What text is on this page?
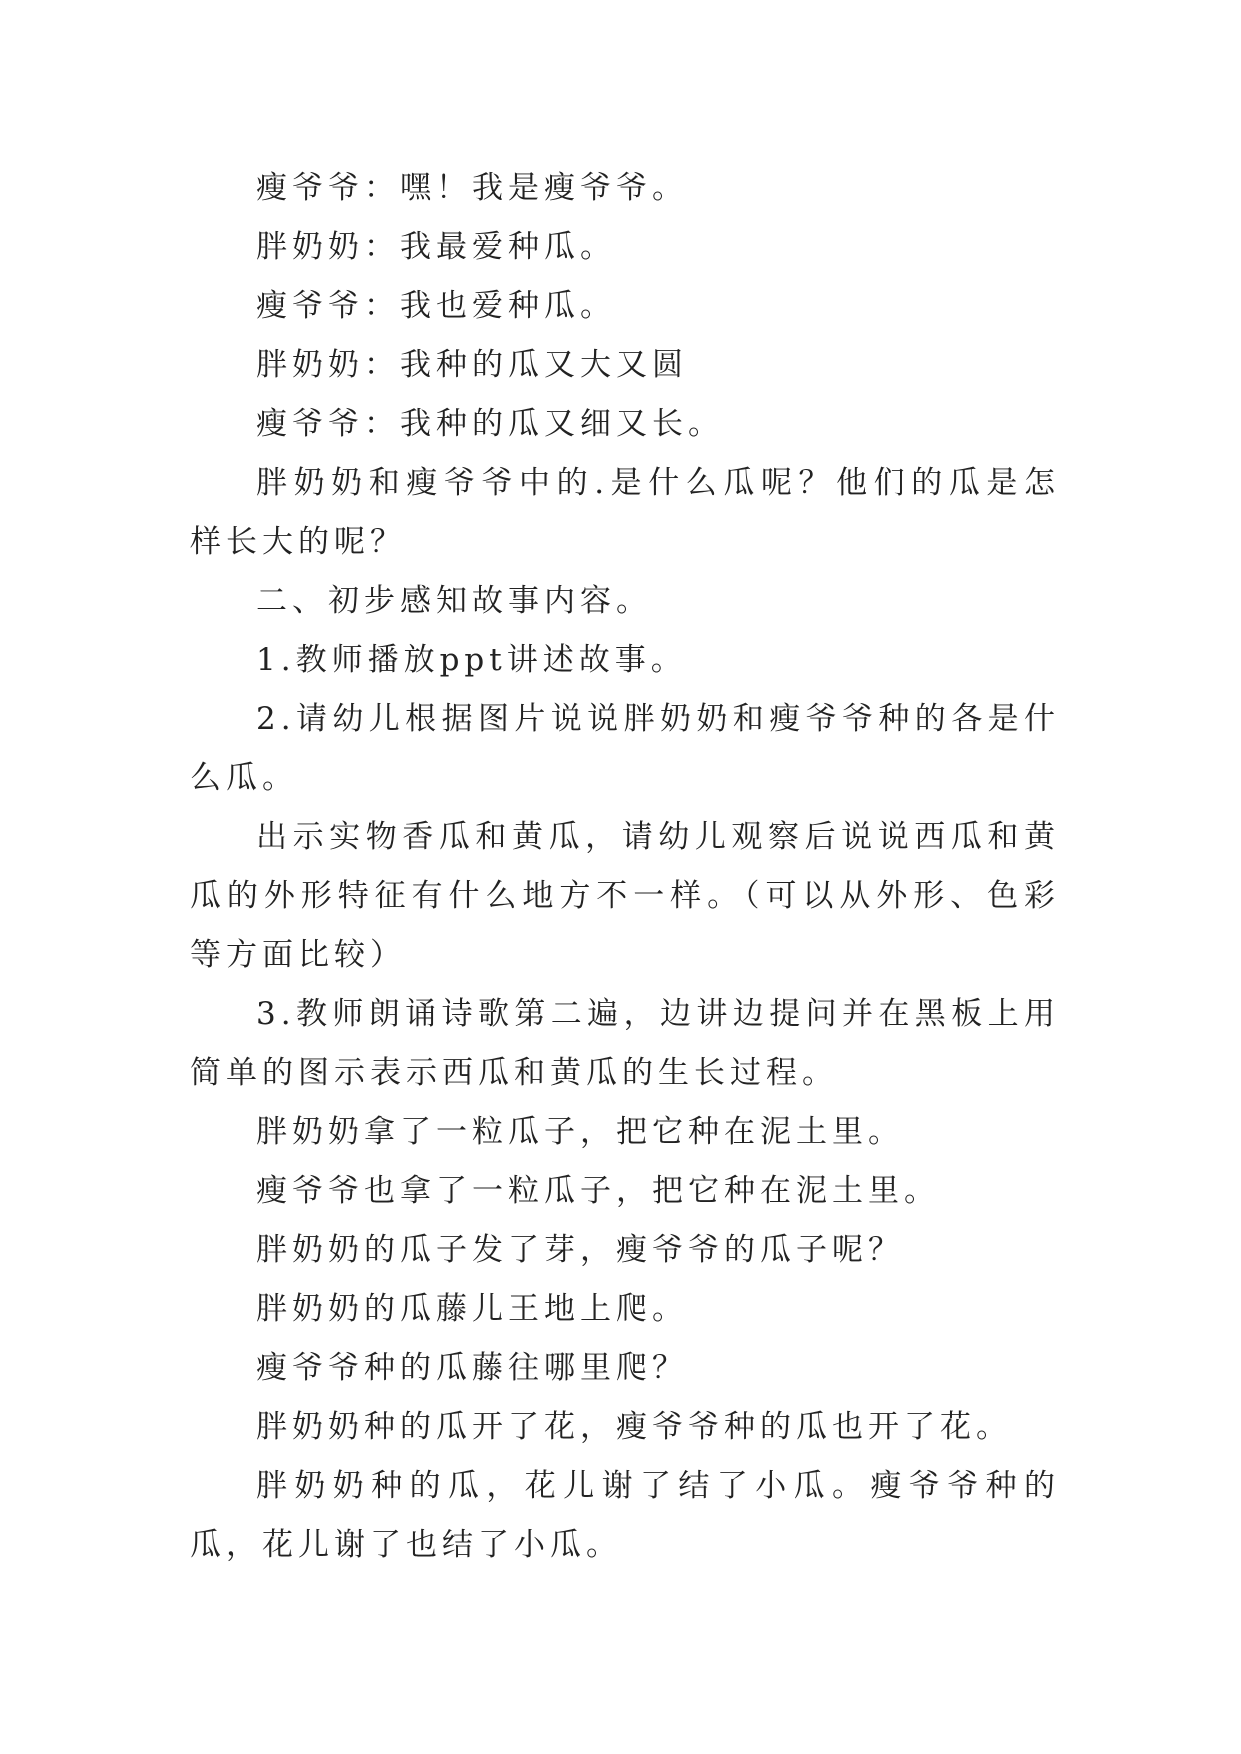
瘦爷爷：嘿！我是瘦爷爷。

胖奶奶：我最爱种瓜。

瘦爷爷：我也爱种瓜。

胖奶奶：我种的瓜又大又圆

瘦爷爷：我种的瓜又细又长。

胖奶奶和瘦爷爷中的.是什么瓜呢？他们的瓜是怎样长大的呢？

二、初步感知故事内容。

1.教师播放ppt讲述故事。

2.请幼儿根据图片说说胖奶奶和瘦爷爷种的各是什么瓜。

出示实物香瓜和黄瓜，请幼儿观察后说说西瓜和黄瓜的外形特征有什么地方不一样。（可以从外形、色彩等方面比较）

3.教师朗诵诗歌第二遍，边讲边提问并在黑板上用简单的图示表示西瓜和黄瓜的生长过程。

胖奶奶拿了一粒瓜子，把它种在泥土里。

瘦爷爷也拿了一粒瓜子，把它种在泥土里。

胖奶奶的瓜子发了芽，瘦爷爷的瓜子呢？

胖奶奶的瓜藤儿王地上爬。

瘦爷爷种的瓜藤往哪里爬？

胖奶奶种的瓜开了花，瘦爷爷种的瓜也开了花。

胖奶奶种的瓜，花儿谢了结了小瓜。瘦爷爷种的瓜，花儿谢了也结了小瓜。
